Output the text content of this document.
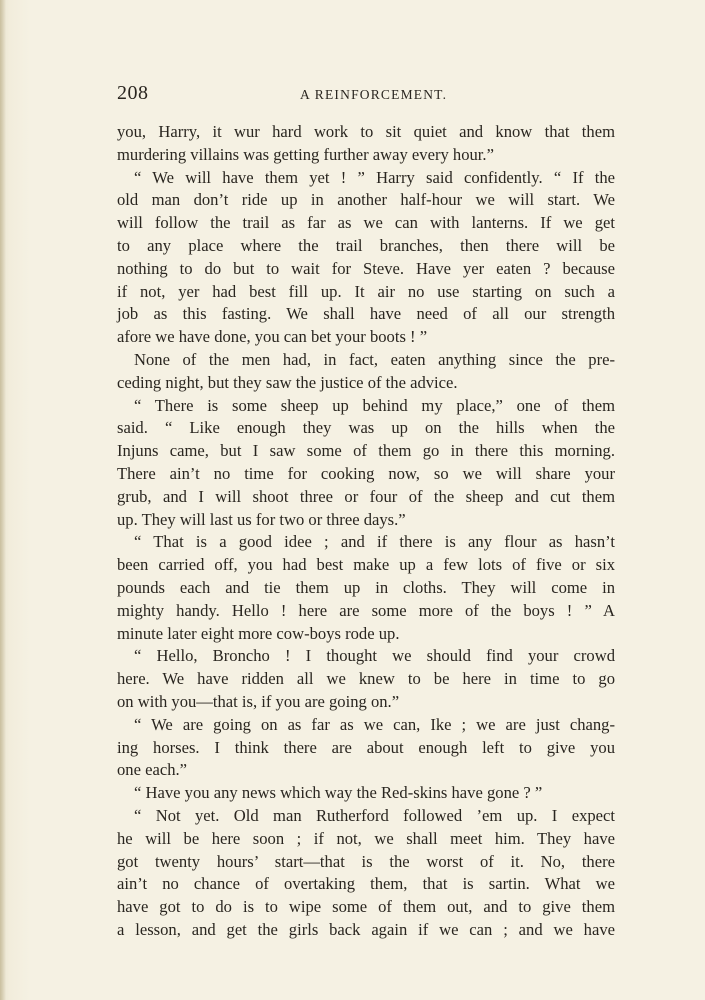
208	A REINFORCEMENT.
you, Harry, it wur hard work to sit quiet and know that them
murdering villains was getting further away every hour.”
“ We will have them yet ! ” Harry said confidently. “ If the
old man don’t ride up in another half-hour we will start. We
will follow the trail as far as we can with lanterns. If we get
to any place where the trail branches, then there will be
nothing to do but to wait for Steve. Have yer eaten ? because
if not, yer had best fill up. It air no use starting on such a
job as this fasting. We shall have need of all our strength
afore we have done, you can bet your boots ! ”
None of the men had, in fact, eaten anything since the pre-
ceding night, but they saw the justice of the advice.
“ There is some sheep up behind my place,” one of them
said. “ Like enough they was up on the hills when the
Injuns came, but I saw some of them go in there this morning.
There ain’t no time for cooking now, so we will share your
grub, and I will shoot three or four of the sheep and cut them
up. They will last us for two or three days.”
“ That is a good idee ; and if there is any flour as hasn’t
been carried off, you had best make up a few lots of five or six
pounds each and tie them up in cloths. They will come in
mighty handy. Hello ! here are some more of the boys ! ” A
minute later eight more cow-boys rode up.
“ Hello, Broncho ! I thought we should find your crowd
here. We have ridden all we knew to be here in time to go
on with you—that is, if you are going on.”
“ We are going on as far as we can, Ike ; we are just chang-
ing horses. I think there are about enough left to give you
one each.”
“ Have you any news which way the Red-skins have gone ? ”
“ Not yet. Old man Rutherford followed ’em up. I expect
he will be here soon ; if not, we shall meet him. They have
got twenty hours’ start—that is the worst of it. No, there
ain’t no chance of overtaking them, that is sartin. What we
have got to do is to wipe some of them out, and to give them
a lesson, and get the girls back again if we can ; and we have
